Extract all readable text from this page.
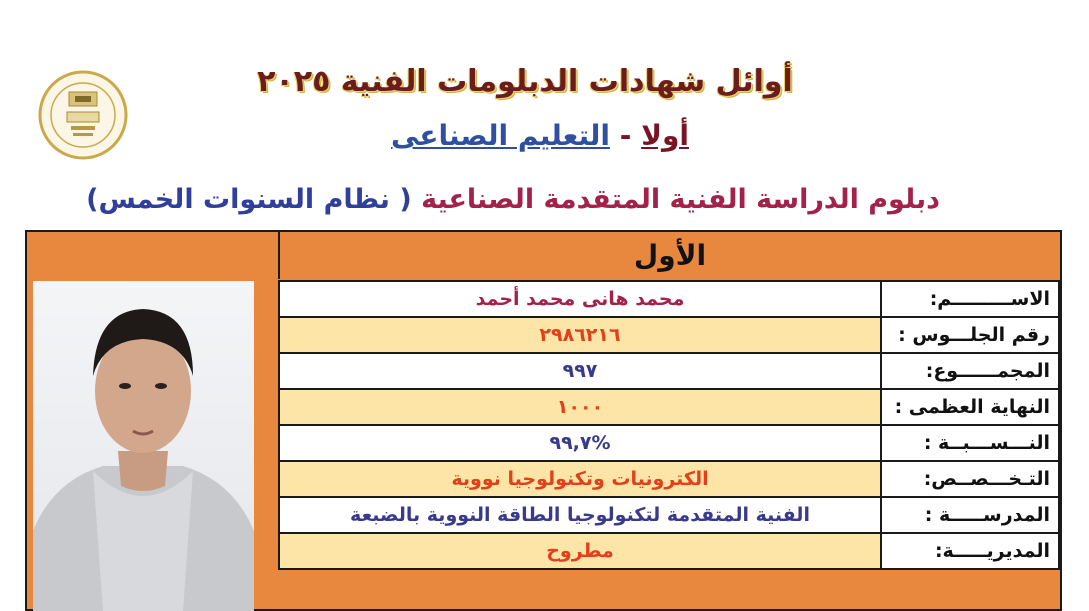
أوائل شهادات الدبلومات الفنية ٢٠٢٥
أولا - التعليم الصناعى
دبلوم الدراسة الفنية المتقدمة الصناعية ( نظام السنوات الخمس)
الأول
الاســـــــــم:	محمد هانى محمد أحمد
رقم الجلـــوس :	٢٩٨٦٢١٦
المجمــــــوع:	٩٩٧
النهاية العظمى :	١٠٠٠
النـــســـبــة :	%٩٩,٧
التـخـــصــص:	الكترونيات وتكنولوجيا نووية
المدرســـــة :	الفنية المتقدمة لتكنولوجيا الطاقة النووية بالضبعة
المديريـــــة:	مطروح
